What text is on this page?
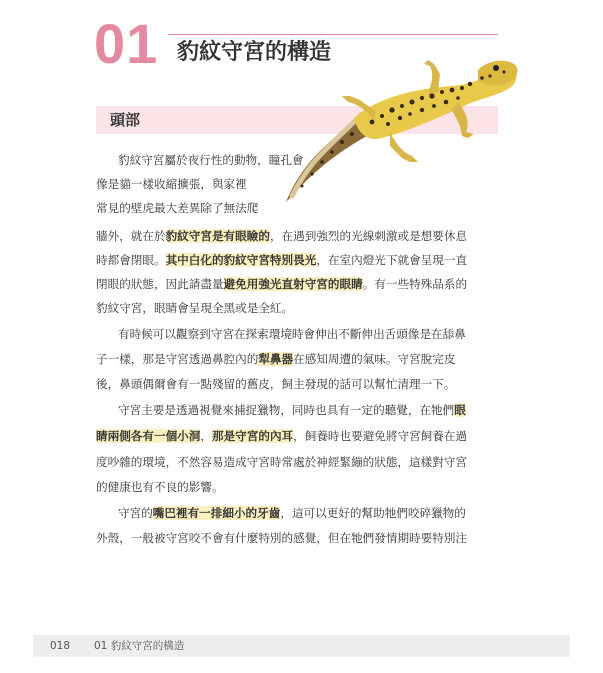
01 豹紋守宮的構造
頭部
豹紋守宮屬於夜行性的動物，瞳孔會
像是貓一樣收縮擴張，與家裡
常見的壁虎最大差異除了無法爬
牆外，就在於豹紋守宮是有眼瞼的，在遇到強烈的光線刺激或是想要休息
時都會閉眼。其中白化的豹紋守宮特別畏光，在室內燈光下就會呈現一直
閉眼的狀態，因此請盡量避免用強光直射守宮的眼睛。有一些特殊品系的
豹紋守宮，眼睛會呈現全黑或是全紅。
有時候可以觀察到守宮在探索環境時會伸出不斷伸出舌頭像是在舔鼻
子一樣，那是守宮透過鼻腔內的犁鼻器在感知周遭的氣味。守宮脫完皮
後，鼻頭偶爾會有一點殘留的舊皮，飼主發現的話可以幫忙清理一下。
守宮主要是透過視覺來捕捉獵物，同時也具有一定的聽覺，在牠們眼
睛兩側各有一個小洞，那是守宮的內耳，飼養時也要避免將守宮飼養在過
度吵雜的環境，不然容易造成守宮時常處於神經緊繃的狀態，這樣對守宮
的健康也有不良的影響。
守宮的嘴巴裡有一排細小的牙齒，這可以更好的幫助牠們咬碎獵物的
外殼，一般被守宮咬不會有什麼特別的感覺，但在牠們發情期時要特別注
018 01 豹紋守宮的構造
